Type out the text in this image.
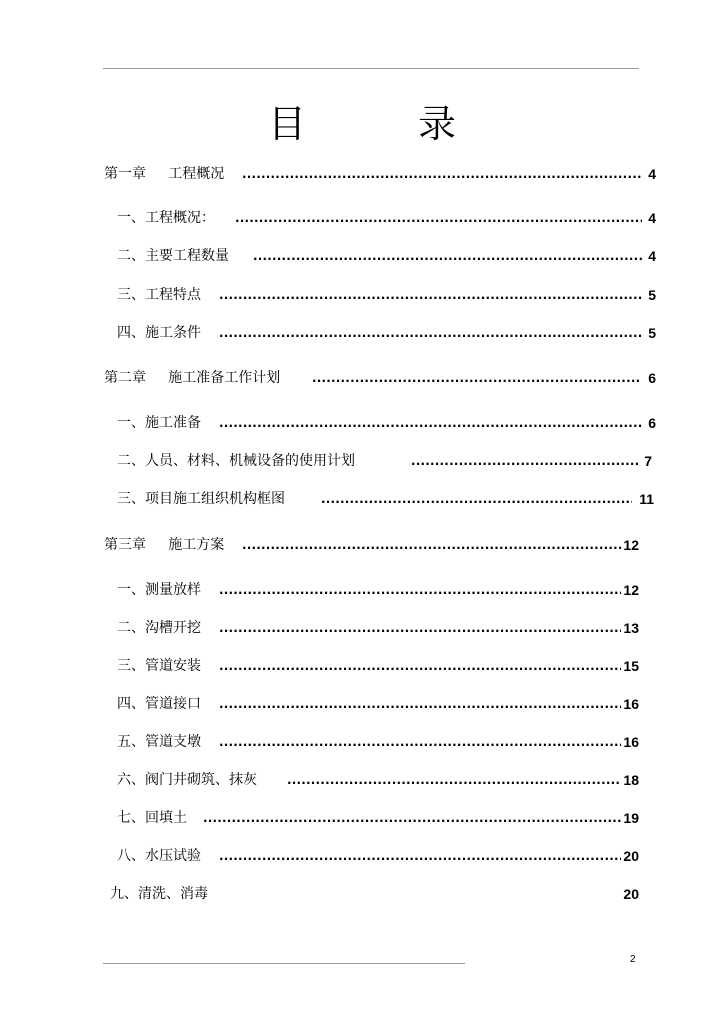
目 录
第一章     工程概况 .....	4
一、工程概况： .....	4
二、主要工程数量 .....	4
三、工程特点 .....	5
四、施工条件 .....	5
第二章     施工准备工作计划 .....	6
一、施工准备 .....	6
二、人员、材料、机械设备的使用计划 .....	7
三、项目施工组织机构框图 .....	11
第三章     施工方案 .....	12
一、测量放样 .....	12
二、沟槽开挖 .....	13
三、管道安装 .....	15
四、管道接口 .....	16
五、管道支墩 .....	16
六、阀门井砌筑、抹灰 .....	18
七、回填土 .....	19
八、水压试验 .....	20
九、清洗、消毒	20
2
